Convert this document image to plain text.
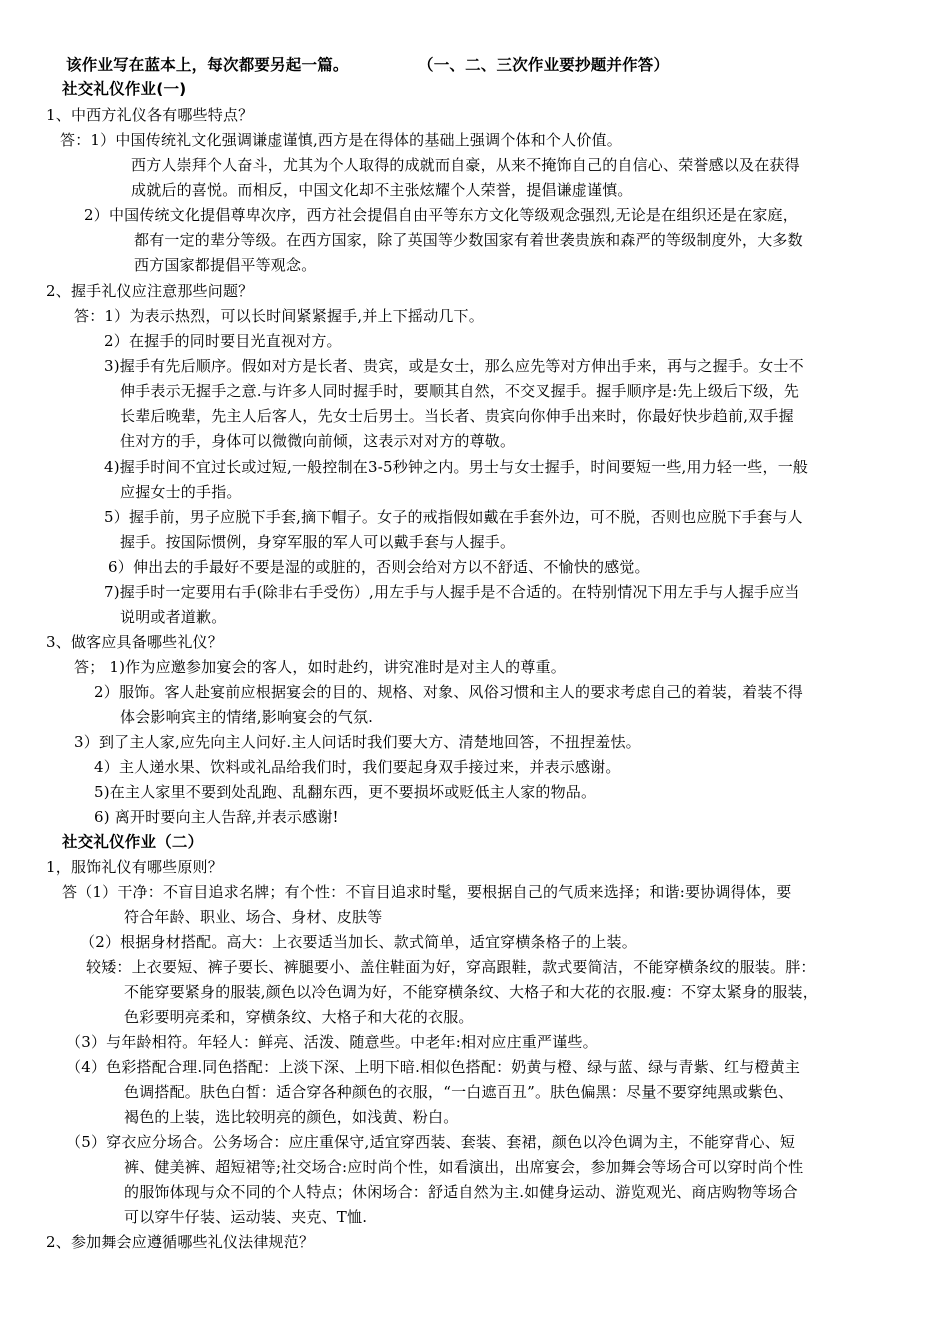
该作业写在蓝本上，每次都要另起一篇。	（一、二、三次作业要抄题并作答）
社交礼仪作业(一)
1、中西方礼仪各有哪些特点？
答：1）中国传统礼文化强调谦虚谨慎,西方是在得体的基础上强调个体和个人价值。
西方人崇拜个人奋斗，尤其为个人取得的成就而自豪，从来不掩饰自己的自信心、荣誉感以及在获得
成就后的喜悦。而相反，中国文化却不主张炫耀个人荣誉，提倡谦虚谨慎。
2）中国传统文化提倡尊卑次序，西方社会提倡自由平等东方文化等级观念强烈,无论是在组织还是在家庭，
都有一定的辈分等级。在西方国家，除了英国等少数国家有着世袭贵族和森严的等级制度外，大多数
西方国家都提倡平等观念。
2、握手礼仪应注意那些问题？
答：1）为表示热烈，可以长时间紧紧握手,并上下摇动几下。
2）在握手的同时要目光直视对方。
3)握手有先后顺序。假如对方是长者、贵宾，或是女士，那么应先等对方伸出手来，再与之握手。女士不
伸手表示无握手之意.与许多人同时握手时，要顺其自然，不交叉握手。握手顺序是:先上级后下级，先
长辈后晚辈，先主人后客人，先女士后男士。当长者、贵宾向你伸手出来时，你最好快步趋前,双手握
住对方的手，身体可以微微向前倾，这表示对对方的尊敬。
4)握手时间不宜过长或过短,一般控制在3-5秒钟之内。男士与女士握手，时间要短一些,用力轻一些，一般
应握女士的手指。
5）握手前，男子应脱下手套,摘下帽子。女子的戒指假如戴在手套外边，可不脱，否则也应脱下手套与人
握手。按国际惯例，身穿军服的军人可以戴手套与人握手。
6）伸出去的手最好不要是湿的或脏的，否则会给对方以不舒适、不愉快的感觉。
7)握手时一定要用右手(除非右手受伤）,用左手与人握手是不合适的。在特别情况下用左手与人握手应当
说明或者道歉。
3、做客应具备哪些礼仪？
答； 1)作为应邀参加宴会的客人，如时赴约，讲究准时是对主人的尊重。
2）服饰。客人赴宴前应根据宴会的目的、规格、对象、风俗习惯和主人的要求考虑自己的着装，着装不得
体会影响宾主的情绪,影响宴会的气氛.
3）到了主人家,应先向主人问好.主人问话时我们要大方、清楚地回答，不扭捏羞怯。
4）主人递水果、饮料或礼品给我们时，我们要起身双手接过来，并表示感谢。
5)在主人家里不要到处乱跑、乱翻东西，更不要损坏或贬低主人家的物品。
6) 离开时要向主人告辞,并表示感谢!
社交礼仪作业（二）
1，服饰礼仪有哪些原则？
答（1）干净：不盲目追求名牌；有个性：不盲目追求时髦，要根据自己的气质来选择；和谐:要协调得体，要
符合年龄、职业、场合、身材、皮肤等
（2）根据身材搭配。高大：上衣要适当加长、款式简单，适宜穿横条格子的上装。
较矮：上衣要短、裤子要长、裤腿要小、盖住鞋面为好，穿高跟鞋，款式要简洁，不能穿横条纹的服装。胖：
不能穿要紧身的服装,颜色以冷色调为好，不能穿横条纹、大格子和大花的衣服.瘦：不穿太紧身的服装，
色彩要明亮柔和，穿横条纹、大格子和大花的衣服。
（3）与年龄相符。年轻人：鲜亮、活泼、随意些。中老年:相对应庄重严谨些。
（4）色彩搭配合理.同色搭配：上淡下深、上明下暗.相似色搭配：奶黄与橙、绿与蓝、绿与青紫、红与橙黄主
色调搭配。肤色白皙：适合穿各种颜色的衣服，“一白遮百丑”。肤色偏黑：尽量不要穿纯黑或紫色、
褐色的上装，选比较明亮的颜色，如浅黄、粉白。
（5）穿衣应分场合。公务场合：应庄重保守,适宜穿西装、套装、套裙，颜色以冷色调为主，不能穿背心、短
裤、健美裤、超短裙等;社交场合:应时尚个性，如看演出，出席宴会，参加舞会等场合可以穿时尚个性
的服饰体现与众不同的个人特点；休闲场合：舒适自然为主.如健身运动、游览观光、商店购物等场合
可以穿牛仔装、运动装、夹克、T恤.
2、参加舞会应遵循哪些礼仪法律规范？
